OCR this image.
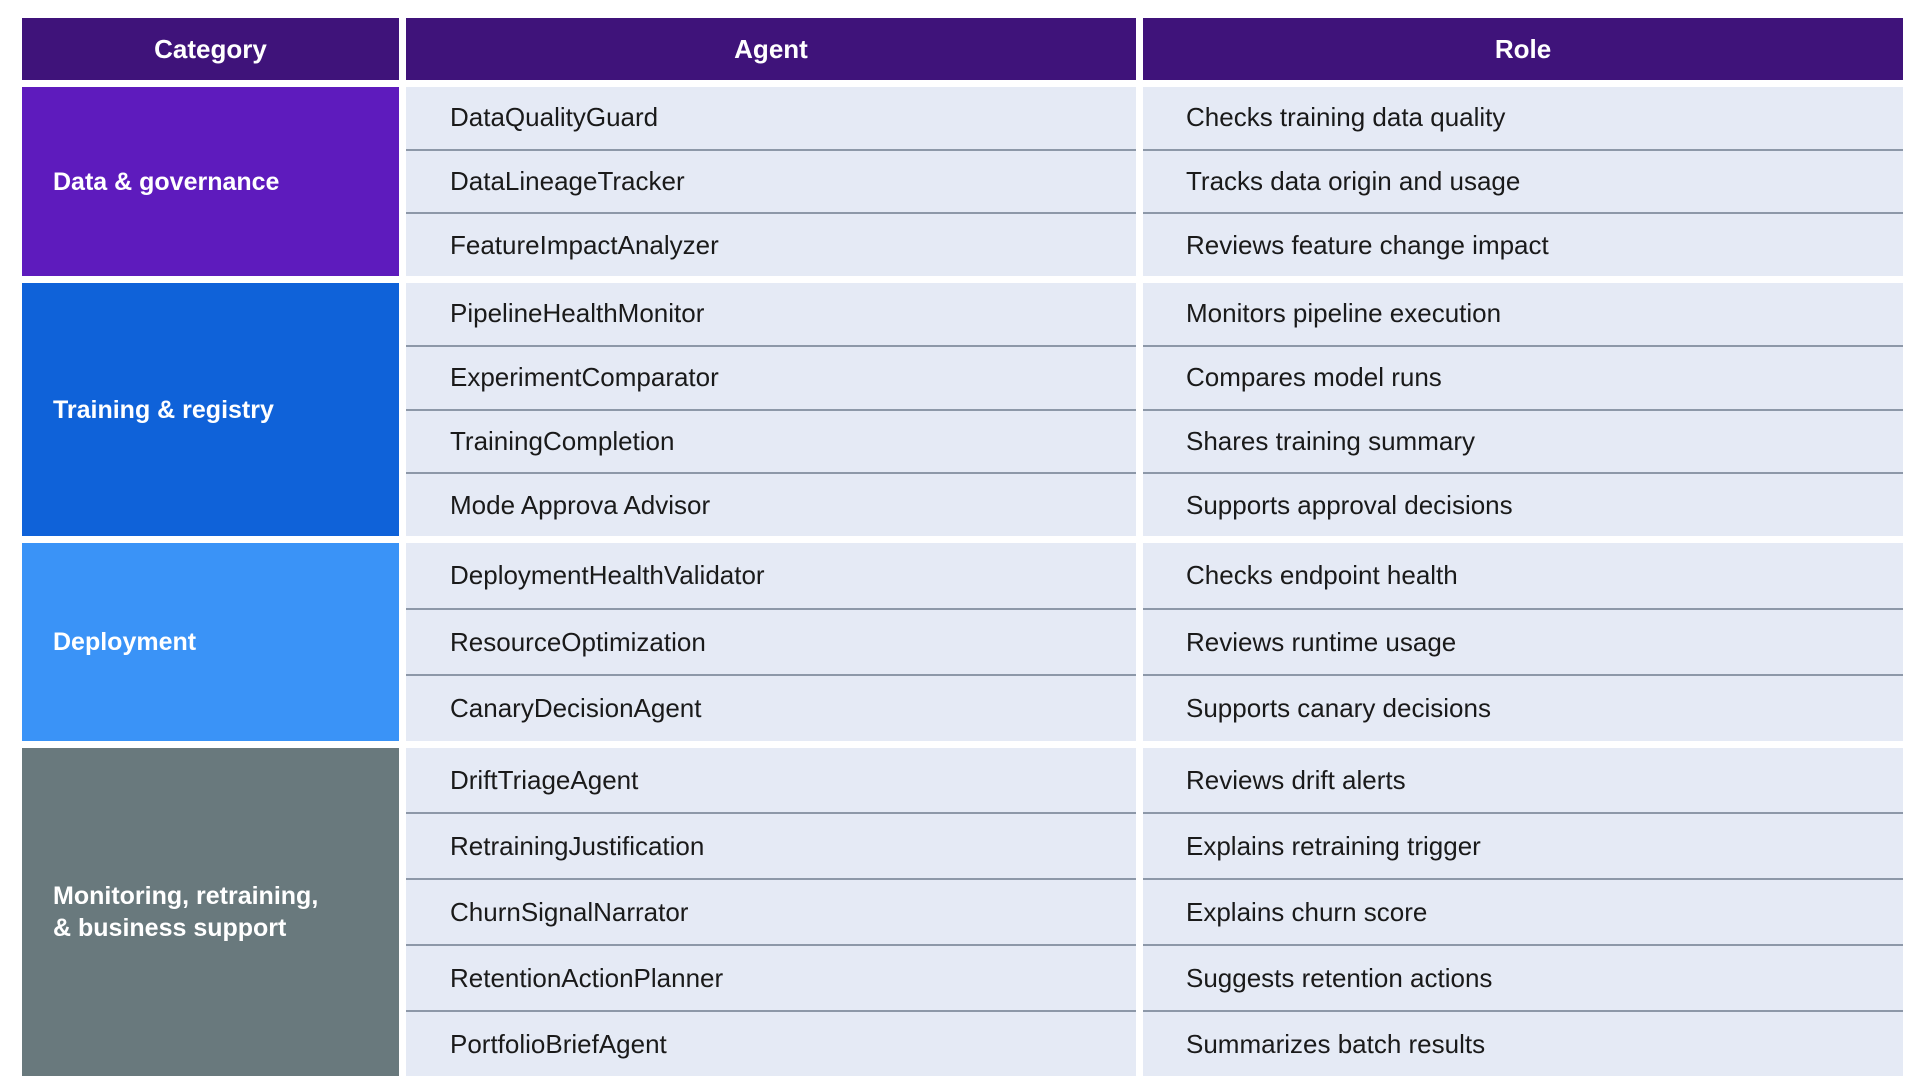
Category	Agent	Role
Data & governance
DataQualityGuard
DataLineageTracker
FeatureImpactAnalyzer
Checks training data quality
Tracks data origin and usage
Reviews feature change impact
Training & registry
PipelineHealthMonitor
ExperimentComparator
TrainingCompletion
Mode Approva Advisor
Monitors pipeline execution
Compares model runs
Shares training summary
Supports approval decisions
Deployment
DeploymentHealthValidator
ResourceOptimization
CanaryDecisionAgent
Checks endpoint health
Reviews runtime usage
Supports canary decisions
Monitoring, retraining,
& business support
DriftTriageAgent
RetrainingJustification
ChurnSignalNarrator
RetentionActionPlanner
PortfolioBriefAgent
Reviews drift alerts
Explains retraining trigger
Explains churn score
Suggests retention actions
Summarizes batch results
